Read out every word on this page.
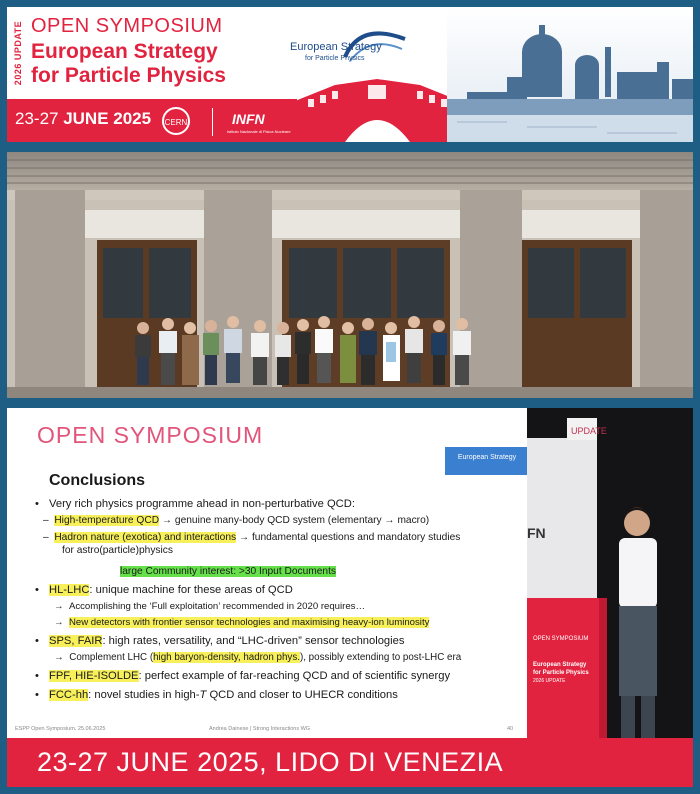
2026 UPDATE OPEN SYMPOSIUM
European Strategy
for Particle Physics
European Strategy
for Particle Physics
23-27 JUNE 2025	CERN	INFN
Istituto Nazionale di Fisica Nucleare
OPEN SYMPOSIUM
European Strategy
Conclusions
• Very rich physics programme ahead in non-perturbative QCD:
–  High-temperature QCD → genuine many-body QCD system (elementary → macro)
–  Hadron nature (exotica) and interactions → fundamental questions and mandatory studies
for astro(particle)physics
large Community interest: >30 Input Documents
• HL-LHC: unique machine for these areas of QCD
→  Accomplishing the ‘Full exploitation’ recommended in 2020 requires…
→  New detectors with frontier sensor technologies and maximising heavy-ion luminosity
• SPS, FAIR: high rates, versatility, and “LHC-driven” sensor technologies
→  Complement LHC (high baryon-density, hadron phys.), possibly extending to post-LHC era
• FPF, HIE-ISOLDE: perfect example of far-reaching QCD and of scientific synergy
• FCC-hh: novel studies in high-T QCD and closer to UHECR conditions
ESPP Open Symposium, 25.06.2025	Andrea Dainese | Strong Interactions WG	40
UPDATE
FN
OPEN SYMPOSIUM
European Strategy
for Particle Physics
2026 UPDATE
23-27 JUNE 2025, LIDO DI VENEZIA
